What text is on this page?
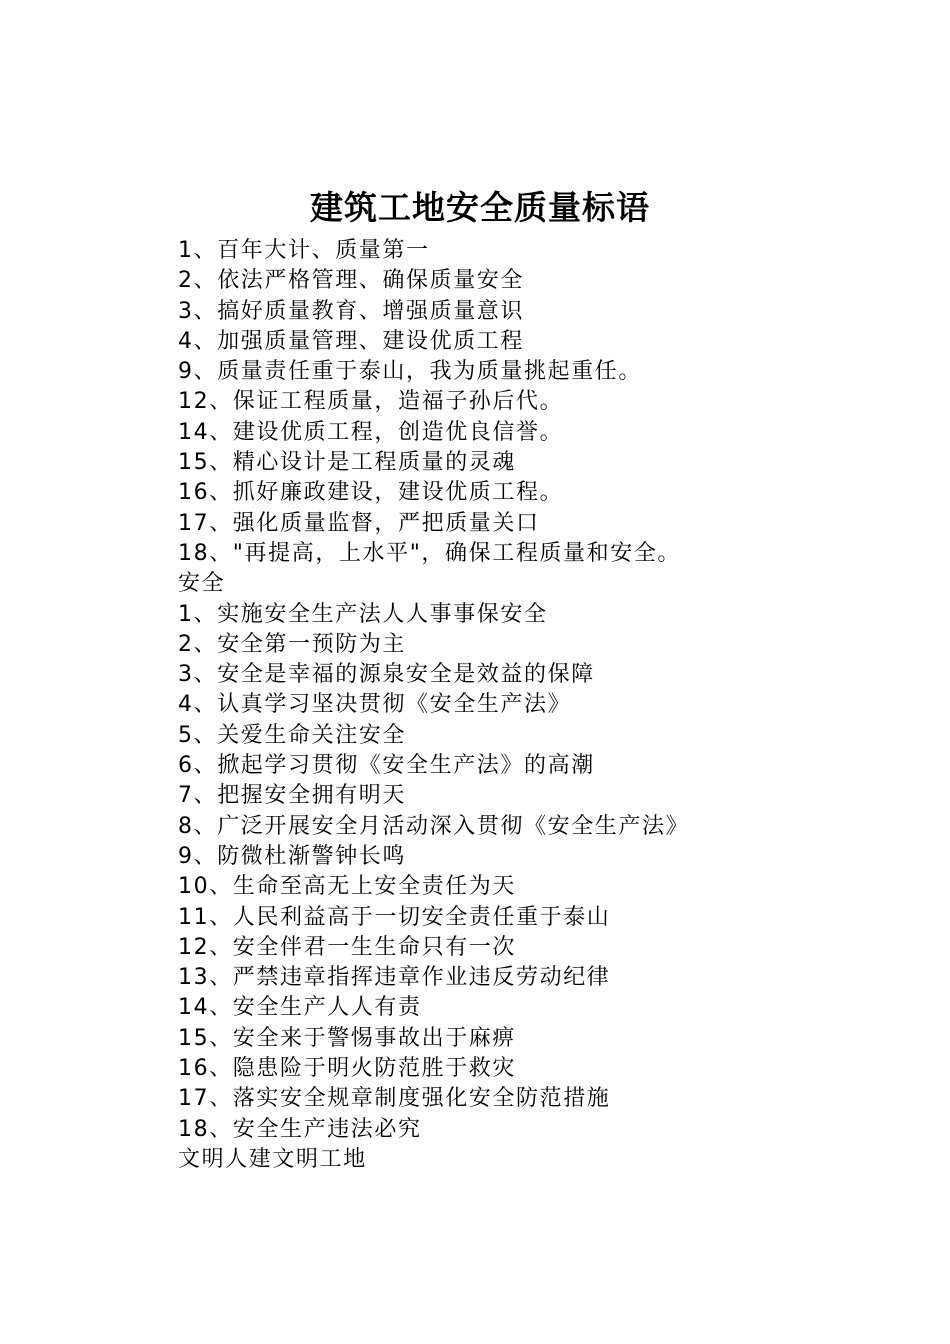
建筑工地安全质量标语
1、百年大计、质量第一
2、依法严格管理、确保质量安全
3、搞好质量教育、增强质量意识
4、加强质量管理、建设优质工程
9、质量责任重于泰山，我为质量挑起重任。
12、保证工程质量，造福子孙后代。
14、建设优质工程，创造优良信誉。
15、精心设计是工程质量的灵魂
16、抓好廉政建设，建设优质工程。
17、强化质量监督，严把质量关口
18、"再提高，上水平"，确保工程质量和安全。
安全
1、实施安全生产法人人事事保安全
2、安全第一预防为主
3、安全是幸福的源泉安全是效益的保障
4、认真学习坚决贯彻《安全生产法》
5、关爱生命关注安全
6、掀起学习贯彻《安全生产法》的高潮
7、把握安全拥有明天
8、广泛开展安全月活动深入贯彻《安全生产法》
9、防微杜渐警钟长鸣
10、生命至高无上安全责任为天
11、人民利益高于一切安全责任重于泰山
12、安全伴君一生生命只有一次
13、严禁违章指挥违章作业违反劳动纪律
14、安全生产人人有责
15、安全来于警惕事故出于麻痹
16、隐患险于明火防范胜于救灾
17、落实安全规章制度强化安全防范措施
18、安全生产违法必究
文明人建文明工地
